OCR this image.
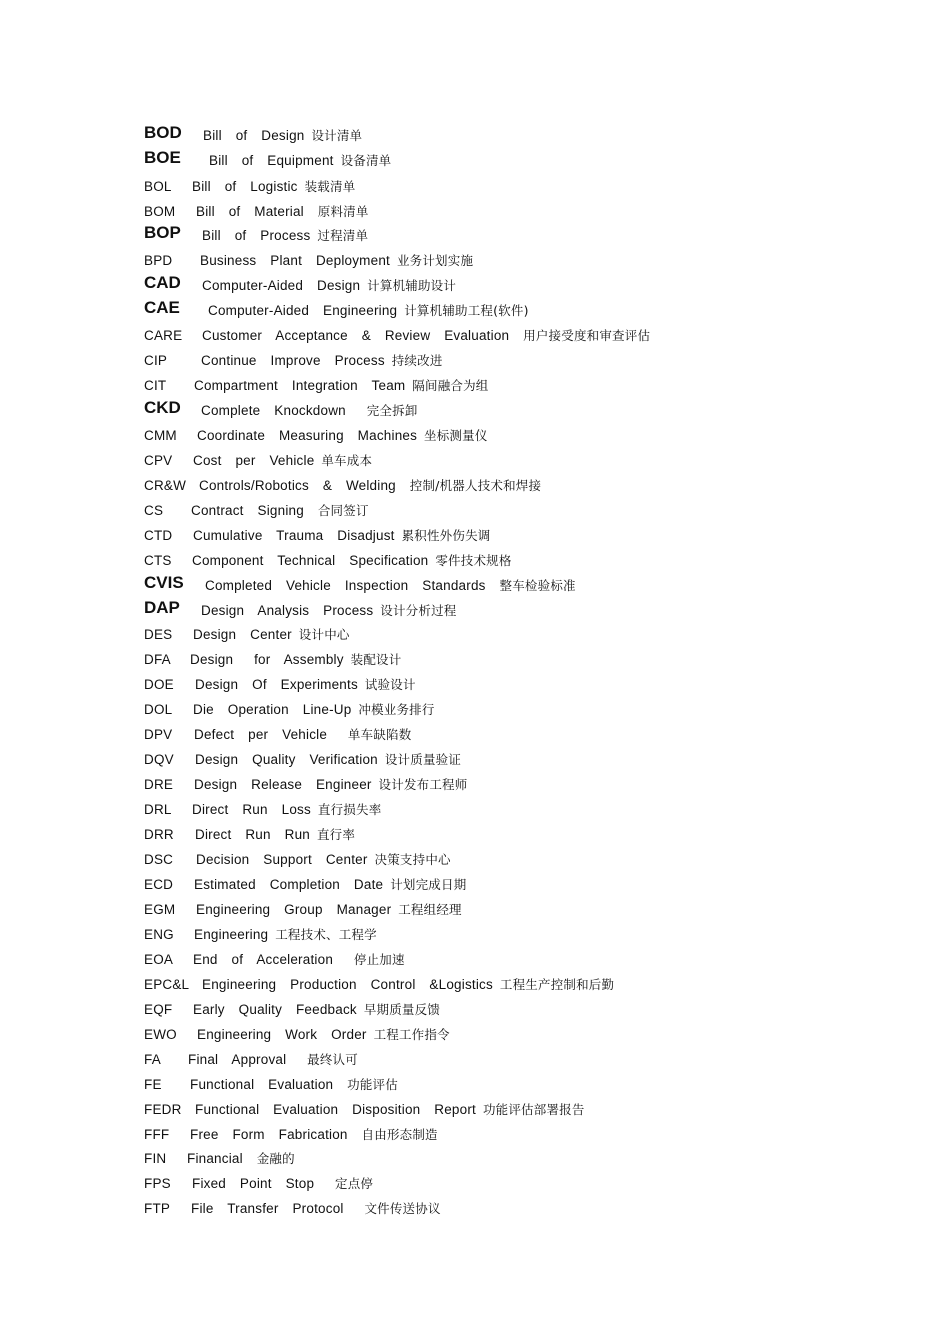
BOD Bill  of  Design 设计清单
BOE Bill  of  Equipment 设备清单
BOL Bill  of  Logistic 装载清单
BOM Bill  of  Material  原料清单
BOP Bill  of  Process 过程清单
BPD Business  Plant  Deployment 业务计划实施
CAD Computer-Aided  Design 计算机辅助设计
CAE Computer-Aided  Engineering 计算机辅助工程(软件)
CARE Customer  Acceptance  &  Review  Evaluation  用户接受度和审查评估
CIP	Continue  Improve  Process 持续改进
CIT Compartment  Integration  Team 隔间融合为组
CKD Complete  Knockdown   完全拆卸
CMM Coordinate  Measuring  Machines 坐标测量仪
CPV Cost  per  Vehicle 单车成本
CR&W Controls/Robotics  &  Welding  控制/机器人技术和焊接
CS Contract  Signing  合同签订
CTD Cumulative  Trauma  Disadjust 累积性外伤失调
CTS Component  Technical  Specification 零件技术规格
CVIS Completed  Vehicle  Inspection  Standards  整车检验标准
DAP Design  Analysis  Process 设计分析过程
DES Design  Center 设计中心
DFA Design   for  Assembly 装配设计
DOE Design  Of  Experiments 试验设计
DOL Die  Operation  Line-Up 冲模业务排行
DPV Defect  per  Vehicle   单车缺陷数
DQV Design  Quality  Verification 设计质量验证
DRE Design  Release  Engineer 设计发布工程师
DRL Direct  Run  Loss 直行损失率
DRR Direct  Run  Run 直行率
DSC Decision  Support  Center 决策支持中心
ECD Estimated  Completion  Date 计划完成日期
EGM Engineering  Group  Manager 工程组经理
ENG Engineering 工程技术、工程学
EOA End  of  Acceleration   停止加速
EPC&L Engineering  Production  Control  &Logistics 工程生产控制和后勤
EQF Early  Quality  Feedback 早期质量反馈
EWO Engineering  Work  Order 工程工作指令
FA Final  Approval   最终认可
FE Functional  Evaluation  功能评估
FEDR Functional  Evaluation  Disposition  Report 功能评估部署报告
FFF Free  Form  Fabrication  自由形态制造
FIN Financial  金融的
FPS Fixed  Point  Stop   定点停
FTP File  Transfer  Protocol   文件传送协议
